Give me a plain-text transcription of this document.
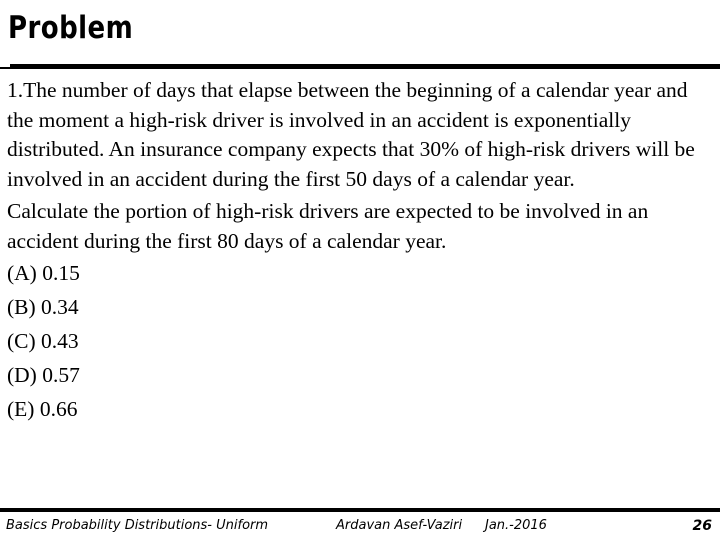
Problem

1.The number of days that elapse between the beginning of a calendar year and the moment a high-risk driver is involved in an accident is exponentially distributed. An insurance company expects that 30% of high-risk drivers will be involved in an accident during the first 50 days of a calendar year.

Calculate the portion of high-risk drivers are expected to be involved in an accident during the first 80 days of a calendar year.

(A) 0.15
(B) 0.34
(C) 0.43
(D) 0.57
(E) 0.66
Basics Probability Distributions- Uniform	Ardavan Asef-Vaziri Jan.-2016	26
